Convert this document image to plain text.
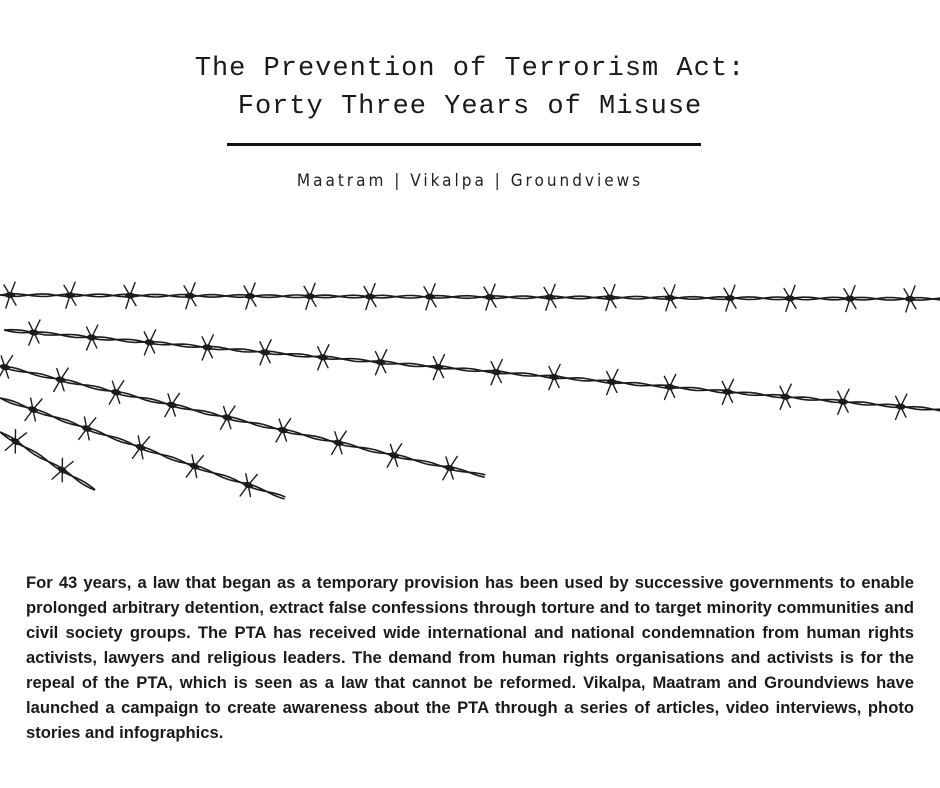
The Prevention of Terrorism Act:
Forty Three Years of Misuse
Maatram | Vikalpa | Groundviews
For 43 years, a law that began as a temporary provision has been used by successive governments to enable prolonged arbitrary detention, extract false confessions through torture and to target minority communities and civil society groups. The PTA has received wide international and national condemnation from human rights activists, lawyers and religious leaders. The demand from human rights organisations and activists is for the repeal of the PTA, which is seen as a law that cannot be reformed. Vikalpa, Maatram and Groundviews have launched a campaign to create awareness about the PTA through a series of articles, video interviews, photo stories and infographics.
